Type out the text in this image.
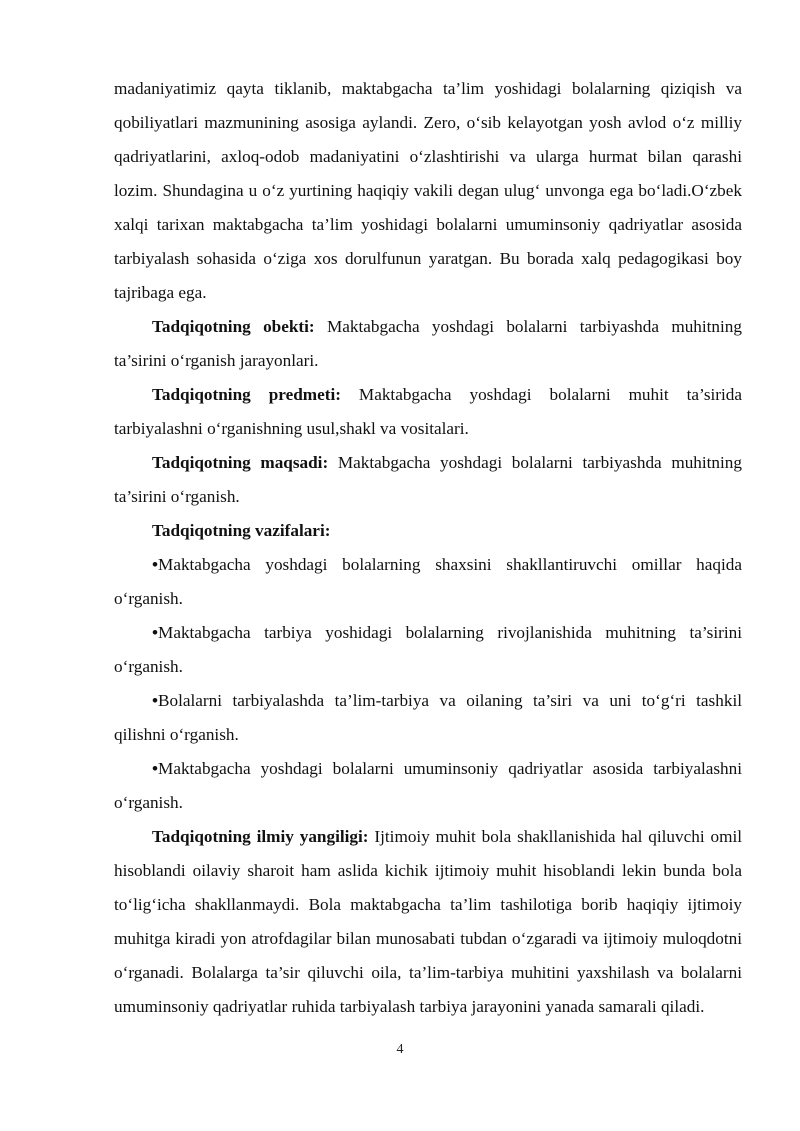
madaniyatimiz qayta tiklanib, maktabgacha ta’lim yoshidagi bolalarning qiziqish va qobiliyatlari mazmunining asosiga aylandi. Zero, o‘sib kelayotgan yosh avlod o‘z milliy qadriyatlarini, axloq-odob madaniyatini o‘zlashtirishi va ularga hurmat bilan qarashi lozim. Shundagina u o‘z yurtining haqiqiy vakili degan ulug‘ unvonga ega bo‘ladi.O‘zbek xalqi tarixan maktabgacha ta’lim yoshidagi bolalarni umuminsoniy qadriyatlar asosida tarbiyalash sohasida o‘ziga xos dorulfunun yaratgan. Bu borada xalq pedagogikasi boy tajribaga ega.

Tadqiqotning obekti: Maktabgacha yoshdagi bolalarni tarbiyashda muhitning ta’sirini o‘rganish jarayonlari.

Tadqiqotning predmeti: Maktabgacha yoshdagi bolalarni muhit ta’sirida tarbiyalashni o‘rganishning usul,shakl va vositalari.

Tadqiqotning maqsadi: Maktabgacha yoshdagi bolalarni tarbiyashda muhitning ta’sirini o‘rganish.

Tadqiqotning vazifalari:

•Maktabgacha yoshdagi bolalarning shaxsini shakllantiruvchi omillar haqida o‘rganish.

•Maktabgacha tarbiya yoshidagi bolalarning rivojlanishida muhitning ta’sirini o‘rganish.

•Bolalarni tarbiyalashda ta’lim-tarbiya va oilaning ta’siri va uni to‘g‘ri tashkil qilishni o‘rganish.

•Maktabgacha yoshdagi bolalarni umuminsoniy qadriyatlar asosida tarbiyalashni o‘rganish.

Tadqiqotning ilmiy yangiligi: Ijtimoiy muhit bola shakllanishida hal qiluvchi omil hisoblandi oilaviy sharoit ham aslida kichik ijtimoiy muhit hisoblandi lekin bunda bola to‘lig‘icha shakllanmaydi. Bola maktabgacha ta’lim tashilotiga borib haqiqiy ijtimoiy muhitga kiradi yon atrofdagilar bilan munosabati tubdan o‘zgaradi va ijtimoiy muloqdotni o‘rganadi. Bolalarga ta’sir qiluvchi oila, ta’lim-tarbiya muhitini yaxshilash va bolalarni umuminsoniy qadriyatlar ruhida tarbiyalash tarbiya jarayonini yanada samarali qiladi.

4
